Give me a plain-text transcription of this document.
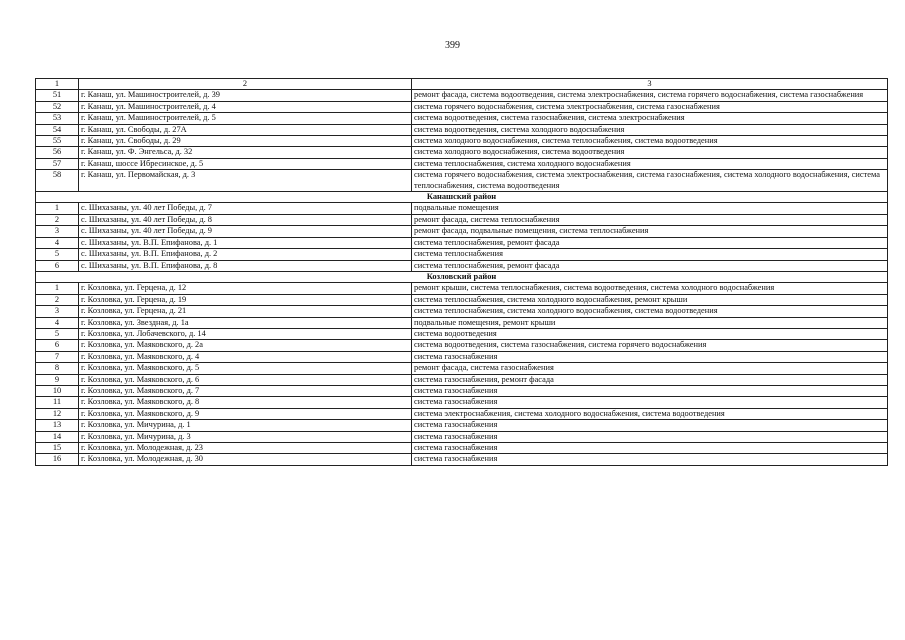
399
1	2	3
51	г. Канаш, ул. Машиностроителей, д. 39	ремонт фасада, система водоотведения, система электроснабжения, система горячего водоснабжения, система газоснабжения
52	г. Канаш, ул. Машиностроителей, д. 4	система горячего водоснабжения, система электроснабжения, система газоснабжения
53	г. Канаш, ул. Машиностроителей, д. 5	система водоотведения, система газоснабжения, система электроснабжения
54	г. Канаш, ул. Свободы, д. 27А	система водоотведения, система холодного водоснабжения
55	г. Канаш, ул. Свободы, д. 29	система холодного водоснабжения, система теплоснабжения, система водоотведения
56	г. Канаш, ул. Ф. Энгельса, д. 32	система холодного водоснабжения, система водоотведения
57	г. Канаш, шоссе Ибресинское, д. 5	система теплоснабжения, система холодного водоснабжения
58	г. Канаш, ул. Первомайская, д. 3	система горячего водоснабжения, система электроснабжения, система газоснабжения, система холодного водоснабжения, система теплоснабжения, система водоотведения
Канашский район		
1	с. Шихазаны, ул. 40 лет Победы, д. 7	подвальные помещения
2	с. Шихазаны, ул. 40 лет Победы, д. 8	ремонт фасада, система теплоснабжения
3	с. Шихазаны, ул. 40 лет Победы, д. 9	ремонт фасада, подвальные помещения, система теплоснабжения
4	с. Шихазаны, ул. В.П. Епифанова, д. 1	система теплоснабжения, ремонт фасада
5	с. Шихазаны, ул. В.П. Епифанова, д. 2	система теплоснабжения
6	с. Шихазаны, ул. В.П. Епифанова, д. 8	система теплоснабжения, ремонт фасада
Козловский район		
1	г. Козловка, ул. Герцена, д. 12	ремонт крыши, система теплоснабжения, система водоотведения, система холодного водоснабжения
2	г. Козловка, ул. Герцена, д. 19	система теплоснабжения, система холодного водоснабжения, ремонт крыши
3	г. Козловка, ул. Герцена, д. 21	система теплоснабжения, система холодного водоснабжения, система водоотведения
4	г. Козловка, ул. Звездная, д. 1а	подвальные помещения, ремонт крыши
5	г. Козловка, ул. Лобачевского, д. 14	система водоотведения
6	г. Козловка, ул. Маяковского, д. 2а	система водоотведения, система газоснабжения, система горячего водоснабжения
7	г. Козловка, ул. Маяковского, д. 4	система газоснабжения
8	г. Козловка, ул. Маяковского, д. 5	ремонт фасада, система газоснабжения
9	г. Козловка, ул. Маяковского, д. 6	система газоснабжения, ремонт фасада
10	г. Козловка, ул. Маяковского, д. 7	система газоснабжения
11	г. Козловка, ул. Маяковского, д. 8	система газоснабжения
12	г. Козловка, ул. Маяковского, д. 9	система электроснабжения, система холодного водоснабжения, система водоотведения
13	г. Козловка, ул. Мичурина, д. 1	система газоснабжения
14	г. Козловка, ул. Мичурина, д. 3	система газоснабжения
15	г. Козловка, ул. Молодежная, д. 23	система газоснабжения
16	г. Козловка, ул. Молодежная, д. 30	система газоснабжения
